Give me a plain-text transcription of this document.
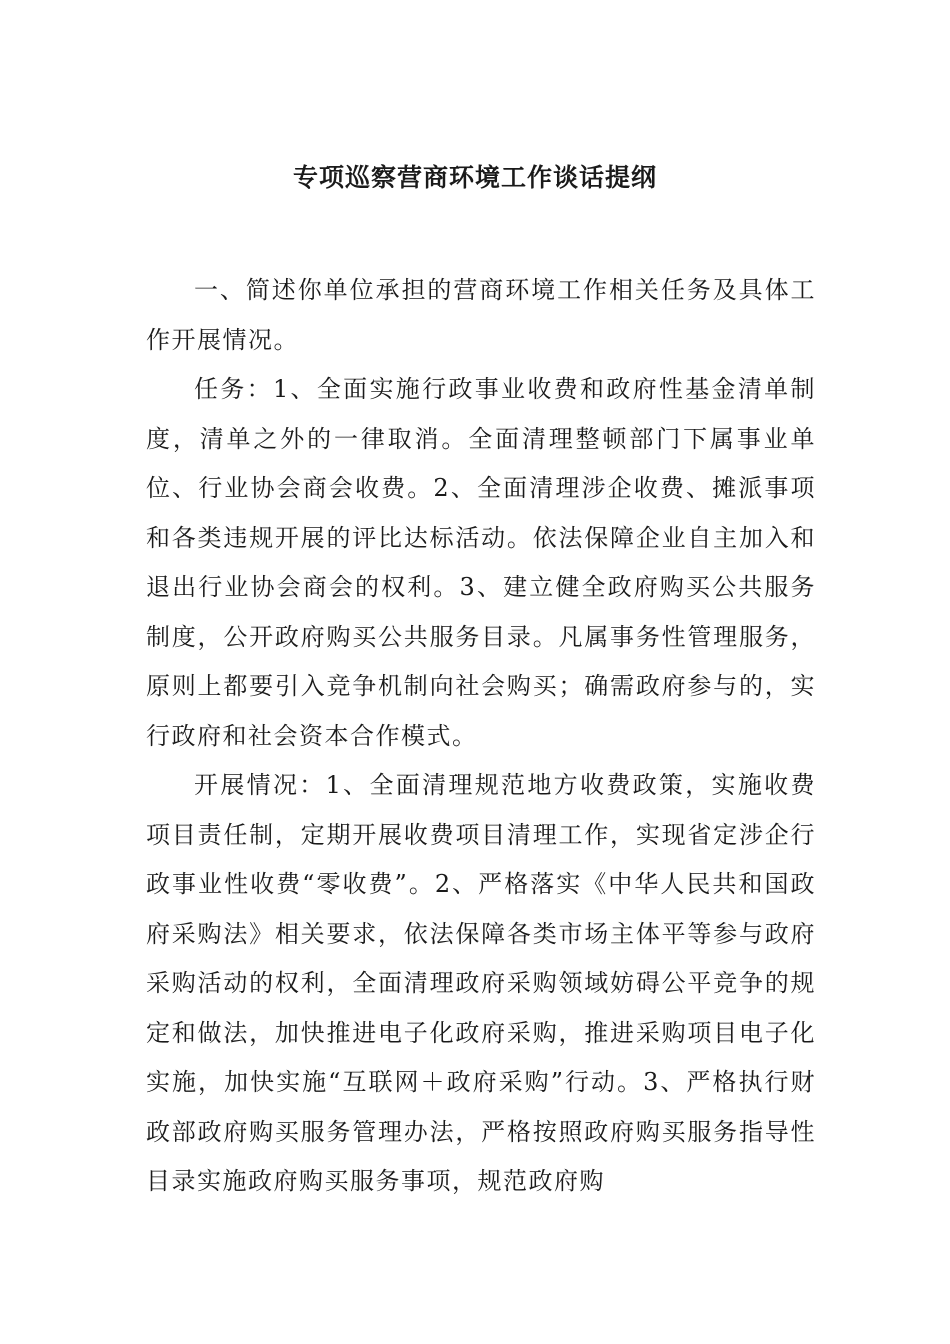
专项巡察营商环境工作谈话提纲

一、简述你单位承担的营商环境工作相关任务及具体工作开展情况。

任务：1、全面实施行政事业收费和政府性基金清单制度，清单之外的一律取消。全面清理整顿部门下属事业单位、行业协会商会收费。2、全面清理涉企收费、摊派事项和各类违规开展的评比达标活动。依法保障企业自主加入和退出行业协会商会的权利。3、建立健全政府购买公共服务制度，公开政府购买公共服务目录。凡属事务性管理服务，原则上都要引入竞争机制向社会购买；确需政府参与的，实行政府和社会资本合作模式。

开展情况：1、全面清理规范地方收费政策，实施收费项目责任制，定期开展收费项目清理工作，实现省定涉企行政事业性收费“零收费”。2、严格落实《中华人民共和国政府采购法》相关要求，依法保障各类市场主体平等参与政府采购活动的权利，全面清理政府采购领域妨碍公平竞争的规定和做法，加快推进电子化政府采购，推进采购项目电子化实施，加快实施“互联网＋政府采购”行动。3、严格执行财政部政府购买服务管理办法，严格按照政府购买服务指导性目录实施政府购买服务事项，规范政府购
